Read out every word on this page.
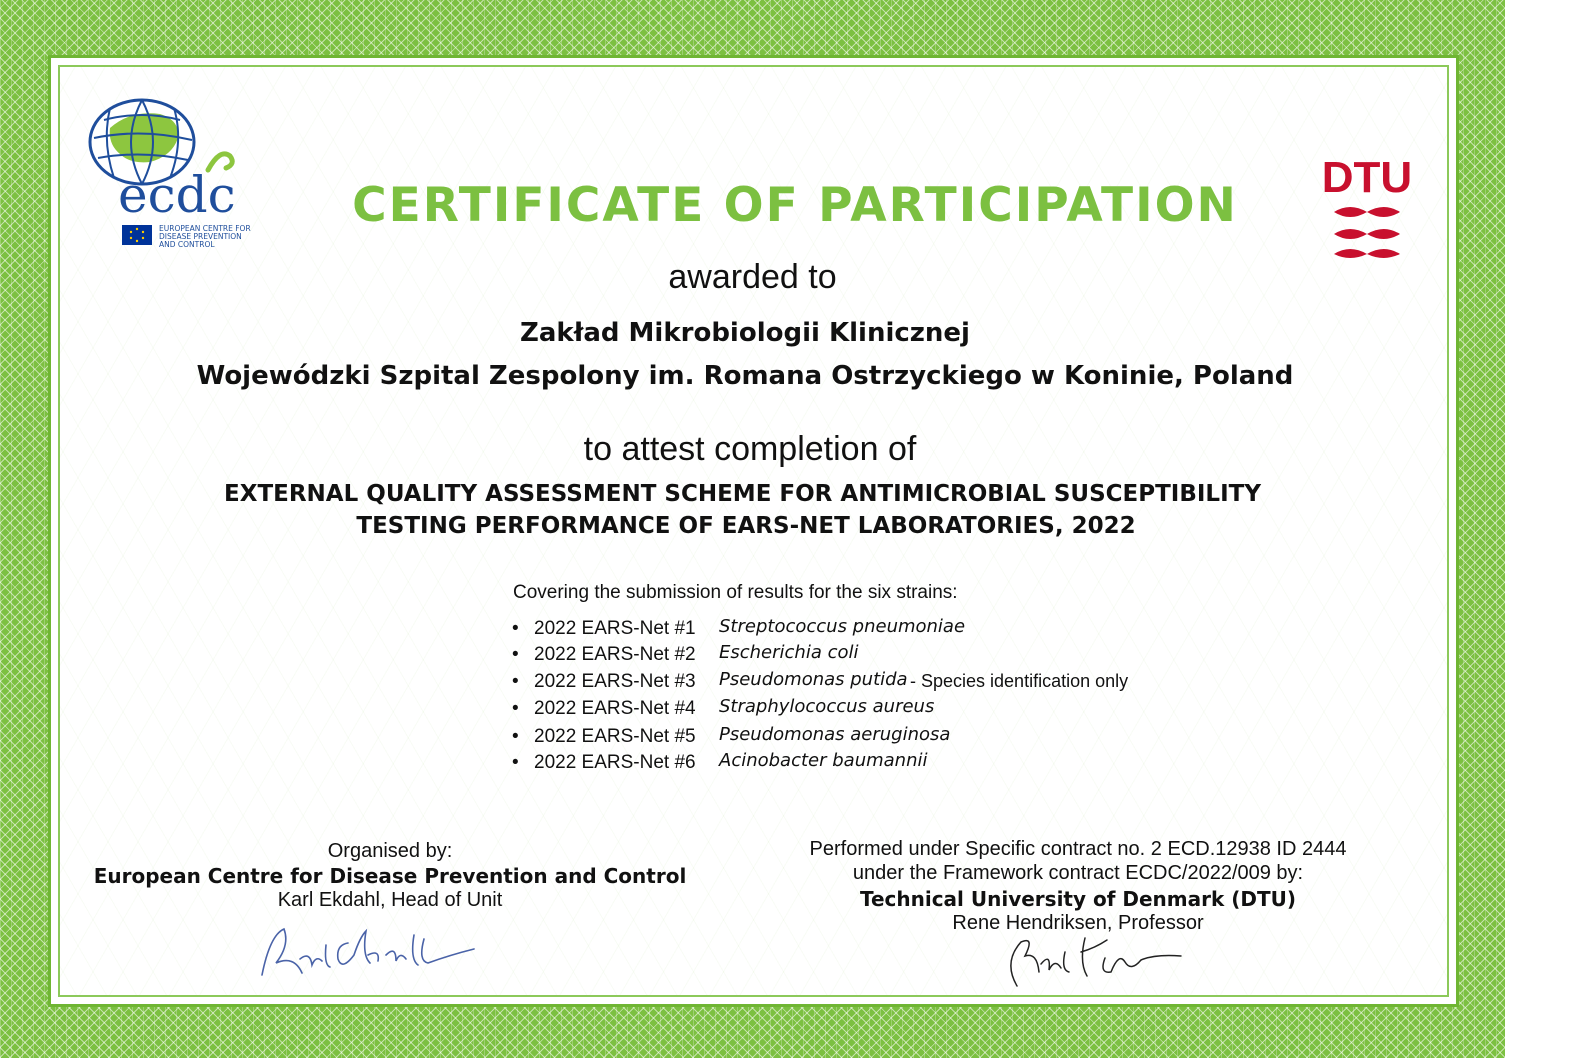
ecdc
EUROPEAN CENTRE FOR
DISEASE PREVENTION
AND CONTROL
DTU
CERTIFICATE OF PARTICIPATION
awarded to
Zakład Mikrobiologii Klinicznej
Wojewódzki Szpital Zespolony im. Romana Ostrzyckiego w Koninie, Poland
to attest completion of
EXTERNAL QUALITY ASSESSMENT SCHEME FOR ANTIMICROBIAL SUSCEPTIBILITY
TESTING PERFORMANCE OF EARS-NET LABORATORIES, 2022
Covering the submission of results for the six strains:
• 2022 EARS-Net #1 Streptococcus pneumoniae
• 2022 EARS-Net #2 Escherichia coli
• 2022 EARS-Net #3 Pseudomonas putida - Species identification only
• 2022 EARS-Net #4 Straphylococcus aureus
• 2022 EARS-Net #5 Pseudomonas aeruginosa
• 2022 EARS-Net #6 Acinobacter baumannii
Organised by:
European Centre for Disease Prevention and Control
Karl Ekdahl, Head of Unit
Performed under Specific contract no. 2 ECD.12938 ID 2444
under the Framework contract ECDC/2022/009 by:
Technical University of Denmark (DTU)
Rene Hendriksen, Professor
